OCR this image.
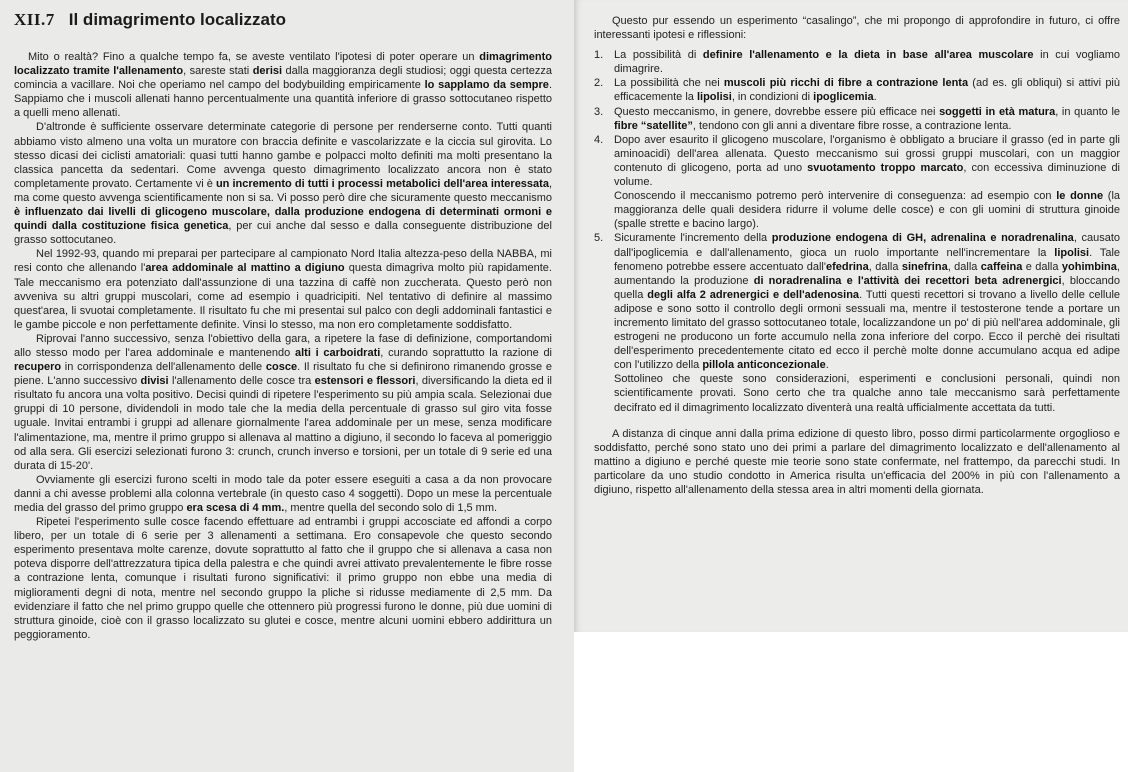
XII.7 Il dimagrimento localizzato

Mito o realtà? Fino a qualche tempo fa, se aveste ventilato l'ipotesi di poter operare un dimagrimento localizzato tramite l'allenamento, sareste stati derisi dalla maggioranza degli studiosi; oggi questa certezza comincia a vacillare. Noi che operiamo nel campo del bodybuilding empiricamente lo sapplamo da sempre. Sappiamo che i muscoli allenati hanno percentualmente una quantità inferiore di grasso sottocutaneo rispetto a quelli meno allenati.

D'altronde è sufficiente osservare determinate categorie di persone per renderserne conto. Tutti quanti abbiamo visto almeno una volta un muratore con braccia definite e vascolarizzate e la ciccia sul girovita. Lo stesso dicasi dei ciclisti amatoriali: quasi tutti hanno gambe e polpacci molto definiti ma molti presentano la classica pancetta da sedentari. Come avvenga questo dimagrimento localizzato ancora non è stato completamente provato. Certamente vi è un incremento di tutti i processi metabolici dell'area interessata, ma come questo avvenga scientificamente non si sa. Vi posso però dire che sicuramente questo meccanismo è influenzato dai livelli di glicogeno muscolare, dalla produzione endogena di determinati ormoni e quindi dalla costituzione fisica genetica, per cui anche dal sesso e dalla conseguente distribuzione del grasso sottocutaneo.

Nel 1992-93, quando mi preparai per partecipare al campionato Nord Italia altezza-peso della NABBA, mi resi conto che allenando l'area addominale al mattino a digiuno questa dimagriva molto più rapidamente. Tale meccanismo era potenziato dall'assunzione di una tazzina di caffè non zuccherata. Questo però non avveniva su altri gruppi muscolari, come ad esempio i quadricipiti. Nel tentativo di definire al massimo quest'area, li svuotai completamente. Il risultato fu che mi presentai sul palco con degli addominali fantastici e le gambe piccole e non perfettamente definite. Vinsi lo stesso, ma non ero completamente soddisfatto.

Riprovai l'anno successivo, senza l'obiettivo della gara, a ripetere la fase di definizione, comportandomi allo stesso modo per l'area addominale e mantenendo alti i carboidrati, curando soprattutto la razione di recupero in corrispondenza dell'allenamento delle cosce. Il risultato fu che si definirono rimanendo grosse e piene. L'anno successivo divisi l'allenamento delle cosce tra estensori e flessori, diversificando la dieta ed il risultato fu ancora una volta positivo. Decisi quindi di ripetere l'esperimento su più ampia scala. Selezionai due gruppi di 10 persone, dividendoli in modo tale che la media della percentuale di grasso sul giro vita fosse uguale. Invitai entrambi i gruppi ad allenare giornalmente l'area addominale per un mese, senza modificare l'alimentazione, ma, mentre il primo gruppo si allenava al mattino a digiuno, il secondo lo faceva al pomeriggio od alla sera. Gli esercizi selezionati furono 3: crunch, crunch inverso e torsioni, per un totale di 9 serie ed una durata di 15-20'.

Ovviamente gli esercizi furono scelti in modo tale da poter essere eseguiti a casa a da non provocare danni a chi avesse problemi alla colonna vertebrale (in questo caso 4 soggetti). Dopo un mese la percentuale media del grasso del primo gruppo era scesa di 4 mm., mentre quella del secondo solo di 1,5 mm.

Ripetei l'esperimento sulle cosce facendo effettuare ad entrambi i gruppi accosciate ed affondi a corpo libero, per un totale di 6 serie per 3 allenamenti a settimana. Ero consapevole che questo secondo esperimento presentava molte carenze, dovute soprattutto al fatto che il gruppo che si allenava a casa non poteva disporre dell'attrezzatura tipica della palestra e che quindi avrei attivato prevalentemente le fibre rosse a contrazione lenta, comunque i risultati furono significativi: il primo gruppo non ebbe una media di miglioramenti degni di nota, mentre nel secondo gruppo la pliche si ridusse mediamente di 2,5 mm. Da evidenziare il fatto che nel primo gruppo quelle che ottennero più progressi furono le donne, più due uomini di struttura ginoide, cioè con il grasso localizzato su glutei e cosce, mentre alcuni uomini ebbero addirittura un peggioramento.

Questo pur essendo un esperimento “casalingo”, che mi propongo di approfondire in futuro, ci offre interessanti ipotesi e riflessioni:

1. La possibilità di definire l'allenamento e la dieta in base all'area muscolare in cui vogliamo dimagrire.
2. La possibilità che nei muscoli più ricchi di fibre a contrazione lenta (ad es. gli obliqui) si attivi più efficacemente la lipolisi, in condizioni di ipoglicemia.
3. Questo meccanismo, in genere, dovrebbe essere più efficace nei soggetti in età matura, in quanto le fibre “satellite”, tendono con gli anni a diventare fibre rosse, a contrazione lenta.
4. Dopo aver esaurito il glicogeno muscolare, l'organismo è obbligato a bruciare il grasso (ed in parte gli aminoacidi) dell'area allenata. Questo meccanismo sui grossi gruppi muscolari, con un maggior contenuto di glicogeno, porta ad uno svuotamento troppo marcato, con eccessiva diminuzione di volume.
Conoscendo il meccanismo potremo però intervenire di conseguenza: ad esempio con le donne (la maggioranza delle quali desidera ridurre il volume delle cosce) e con gli uomini di struttura ginoide (spalle strette e bacino largo).
5. Sicuramente l'incremento della produzione endogena di GH, adrenalina e noradrenalina, causato dall'ipoglicemia e dall'allenamento, gioca un ruolo importante nell'incrementare la lipolisi. Tale fenomeno potrebbe essere accentuato dall'efedrina, dalla sinefrina, dalla caffeina e dalla yohimbina, aumentando la produzione di noradrenalina e l'attività dei recettori beta adrenergici, bloccando quella degli alfa 2 adrenergici e dell'adenosina. Tutti questi recettori si trovano a livello delle cellule adipose e sono sotto il controllo degli ormoni sessuali ma, mentre il testosterone tende a portare un incremento limitato del grasso sottocutaneo totale, localizzandone un po' di più nell'area addominale, gli estrogeni ne producono un forte accumulo nella zona inferiore del corpo. Ecco il perchè dei risultati dell'esperimento precedentemente citato ed ecco il perchè molte donne accumulano acqua ed adipe con l'utilizzo della pillola anticoncezionale.
Sottolineo che queste sono considerazioni, esperimenti e conclusioni personali, quindi non scientificamente provati. Sono certo che tra qualche anno tale meccanismo sarà perfettamente decifrato ed il dimagrimento localizzato diventerà una realtà ufficialmente accettata da tutti.

A distanza di cinque anni dalla prima edizione di questo libro, posso dirmi particolarmente orgoglioso e soddisfatto, perché sono stato uno dei primi a parlare del dimagrimento localizzato e dell'allenamento al mattino a digiuno e perché queste mie teorie sono state confermate, nel frattempo, da parecchi studi. In particolare da uno studio condotto in America risulta un'efficacia del 200% in più con l'allenamento a digiuno, rispetto all'allenamento della stessa area in altri momenti della giornata.
